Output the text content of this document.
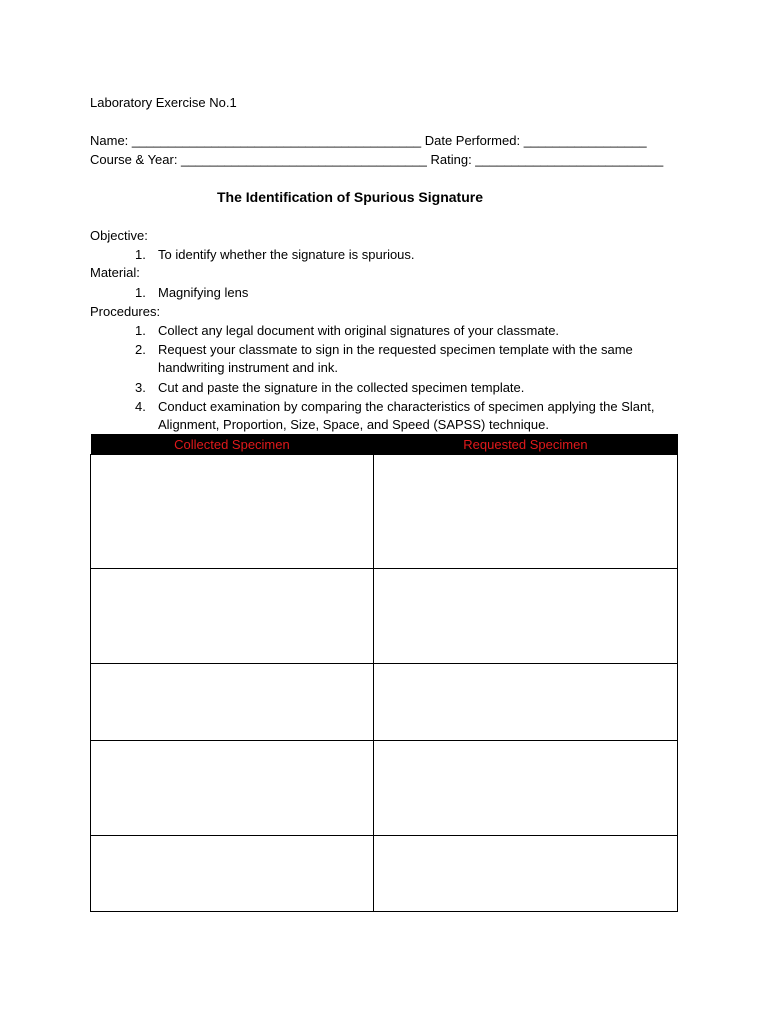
Laboratory Exercise No.1
Name: ________________________________________ Date Performed: _________________
Course & Year: __________________________________ Rating: __________________________
The Identification of Spurious Signature
Objective:
1. To identify whether the signature is spurious.
Material:
1. Magnifying lens
Procedures:
1. Collect any legal document with original signatures of your classmate.
2. Request your classmate to sign in the requested specimen template with the same handwriting instrument and ink.
3. Cut and paste the signature in the collected specimen template.
4. Conduct examination by comparing the characteristics of specimen applying the Slant, Alignment, Proportion, Size, Space, and Speed (SAPSS) technique.
Collected Specimen	Requested Specimen
